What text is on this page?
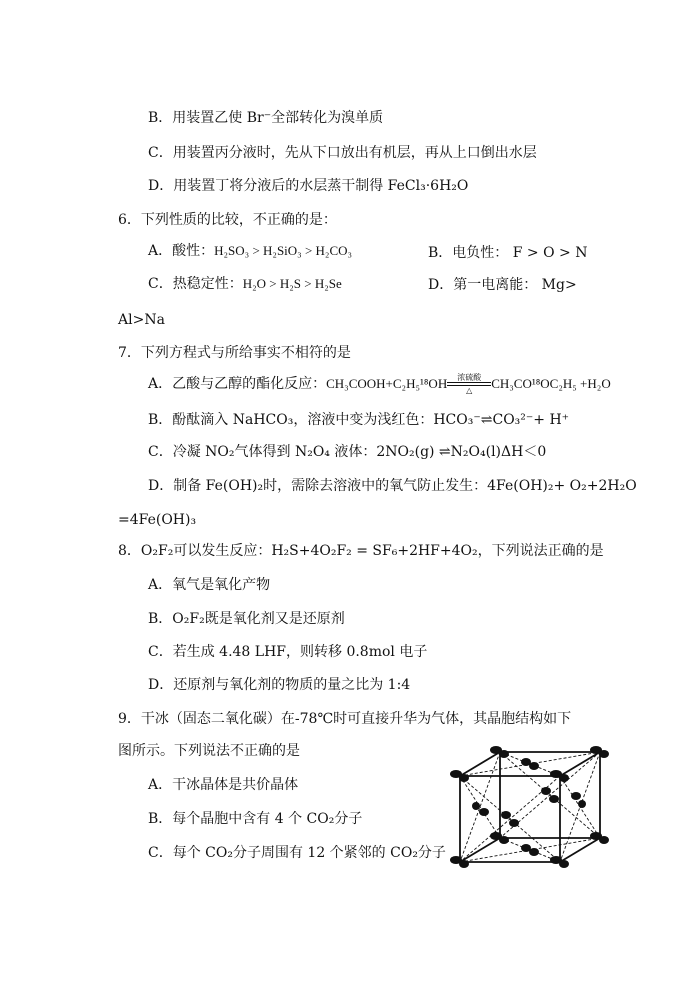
B．用装置乙使 Br⁻全部转化为溴单质
C．用装置丙分液时，先从下口放出有机层，再从上口倒出水层
D．用装置丁将分液后的水层蒸干制得 FeCl₃·6H₂O
6．下列性质的比较，不正确的是：
A．酸性：H₂SO₃ > H₂SiO₃ > H₂CO₃	B．电负性： F > O > N
C．热稳定性：H₂O > H₂S > H₂Se	D．第一电离能： Mg>
Al>Na
7．下列方程式与所给事实不相符的是
A．乙酸与乙醇的酯化反应：CH₃COOH+C₂H₅¹⁸OH	浓硫酸
△	CH₃CO¹⁸OC₂H₅ +H₂O
B．酚酞滴入 NaHCO₃，溶液中变为浅红色：HCO₃⁻⇌CO₃²⁻+ H⁺
C．冷凝 NO₂气体得到 N₂O₄ 液体：2NO₂(g) ⇌N₂O₄(l)ΔH＜0
D．制备 Fe(OH)₂时，需除去溶液中的氧气防止发生：4Fe(OH)₂+ O₂+2H₂O
=4Fe(OH)₃
8．O₂F₂可以发生反应：H₂S+4O₂F₂ = SF₆+2HF+4O₂，下列说法正确的是
A．氧气是氧化产物
B．O₂F₂既是氧化剂又是还原剂
C．若生成 4.48 LHF，则转移 0.8mol 电子
D．还原剂与氧化剂的物质的量之比为 1:4
9．干冰（固态二氧化碳）在-78℃时可直接升华为气体，其晶胞结构如下
图所示。下列说法不正确的是
A．干冰晶体是共价晶体
B．每个晶胞中含有 4 个 CO₂分子
C．每个 CO₂分子周围有 12 个紧邻的 CO₂分子
